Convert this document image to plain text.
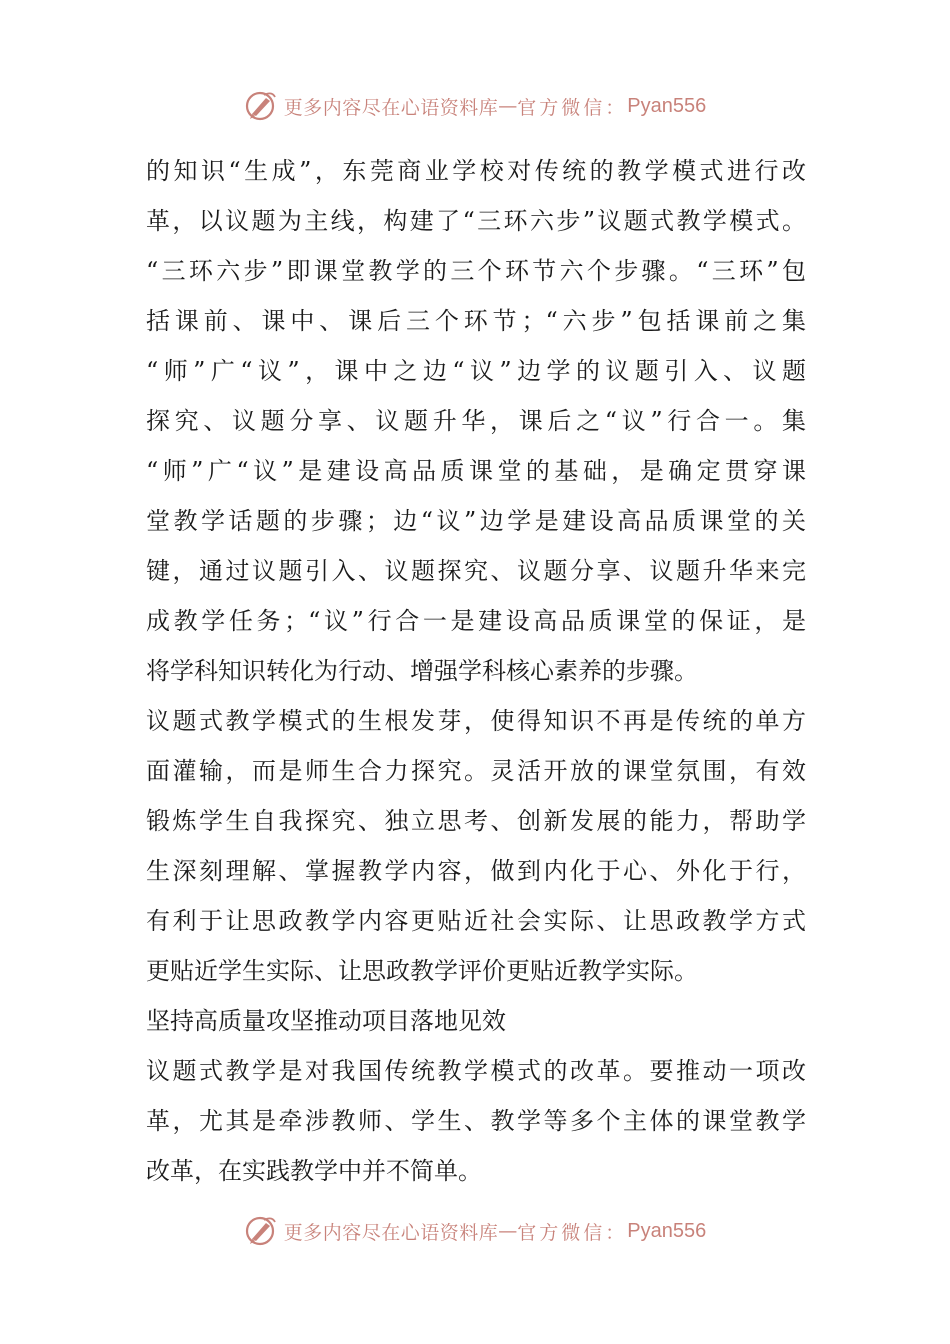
更多内容尽在心语资料库 — 官方微信： Pyan556
的知识“生成”，东莞商业学校对传统的教学模式进行改
革，以议题为主线，构建了“三环六步”议题式教学模式。
“三环六步”即课堂教学的三个环节六个步骤。“三环”包
括课前、课中、课后三个环节；“六步”包括课前之集
“师”广“议”，课中之边“议”边学的议题引入、议题
探究、议题分享、议题升华，课后之“议”行合一。集
“师”广“议”是建设高品质课堂的基础，是确定贯穿课
堂教学话题的步骤；边“议”边学是建设高品质课堂的关
键，通过议题引入、议题探究、议题分享、议题升华来完
成教学任务；“议”行合一是建设高品质课堂的保证，是
将学科知识转化为行动、增强学科核心素养的步骤。
议题式教学模式的生根发芽，使得知识不再是传统的单方
面灌输，而是师生合力探究。灵活开放的课堂氛围，有效
锻炼学生自我探究、独立思考、创新发展的能力，帮助学
生深刻理解、掌握教学内容，做到内化于心、外化于行，
有利于让思政教学内容更贴近社会实际、让思政教学方式
更贴近学生实际、让思政教学评价更贴近教学实际。
坚持高质量攻坚推动项目落地见效
议题式教学是对我国传统教学模式的改革。要推动一项改
革，尤其是牵涉教师、学生、教学等多个主体的课堂教学
改革，在实践教学中并不简单。
更多内容尽在心语资料库 — 官方微信： Pyan556
